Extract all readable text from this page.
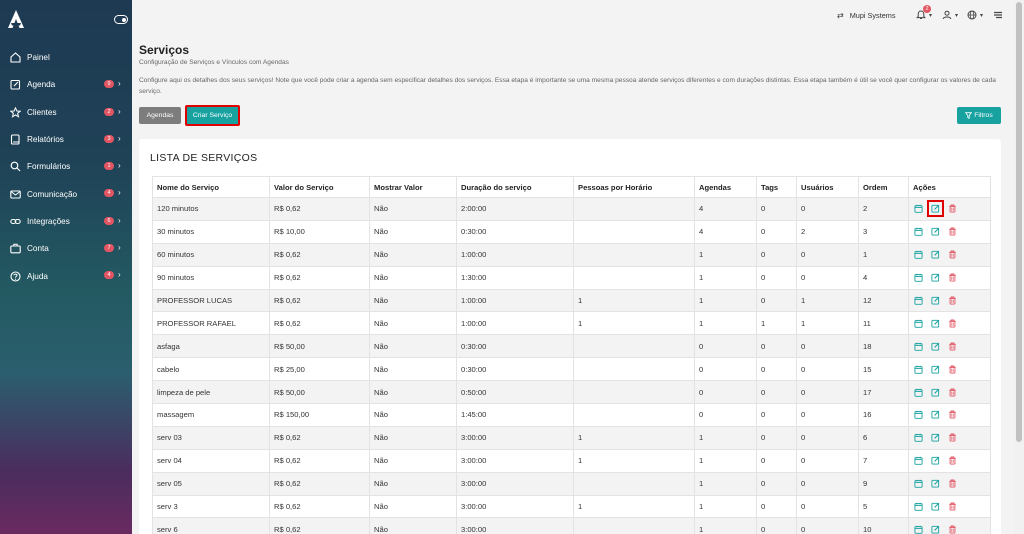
Painel
Agenda	9 ›
Clientes	2 ›
Relatórios	3 ›
Formulários	1 ›
Comunicação	4 ›
Integrações	6 ›
Conta	7 ›
Ajuda	4 ›
⇄ Mupi Systems
2
▾	▾	▾
Serviços
Configuração de Serviços e Vínculos com Agendas
Configure aqui os detalhes dos seus serviços! Note que você pode criar a agenda sem especificar detalhes dos serviços. Essa etapa é importante se uma mesma pessoa atende serviços diferentes e com durações distintas. Essa etapa também é útil se você quer configurar os valores de cada serviço.
Agendas	Criar Serviço	Filtros
LISTA DE SERVIÇOS
Nome do Serviço	Valor do Serviço	Mostrar Valor	Duração do serviço	Pessoas por Horário	Agendas	Tags	Usuários	Ordem	Ações
120 minutos	R$ 0,62	Não	2:00:00		4	0	0	2	

30 minutos	R$ 10,00	Não	0:30:00		4	0	2	3	

60 minutos	R$ 0,62	Não	1:00:00		1	0	0	1	

90 minutos	R$ 0,62	Não	1:30:00		1	0	0	4	

PROFESSOR LUCAS	R$ 0,62	Não	1:00:00	1	1	0	1	12	

PROFESSOR RAFAEL	R$ 0,62	Não	1:00:00	1	1	1	1	11	

asfaga	R$ 50,00	Não	0:30:00		0	0	0	18	

cabelo	R$ 25,00	Não	0:30:00		0	0	0	15	

limpeza de pele	R$ 50,00	Não	0:50:00		0	0	0	17	

massagem	R$ 150,00	Não	1:45:00		0	0	0	16	

serv 03	R$ 0,62	Não	3:00:00	1	1	0	0	6	

serv 04	R$ 0,62	Não	3:00:00	1	1	0	0	7	

serv 05	R$ 0,62	Não	3:00:00		1	0	0	9	

serv 3	R$ 0,62	Não	3:00:00	1	1	0	0	5	

serv 6	R$ 0,62	Não	3:00:00		1	0	0	10	
